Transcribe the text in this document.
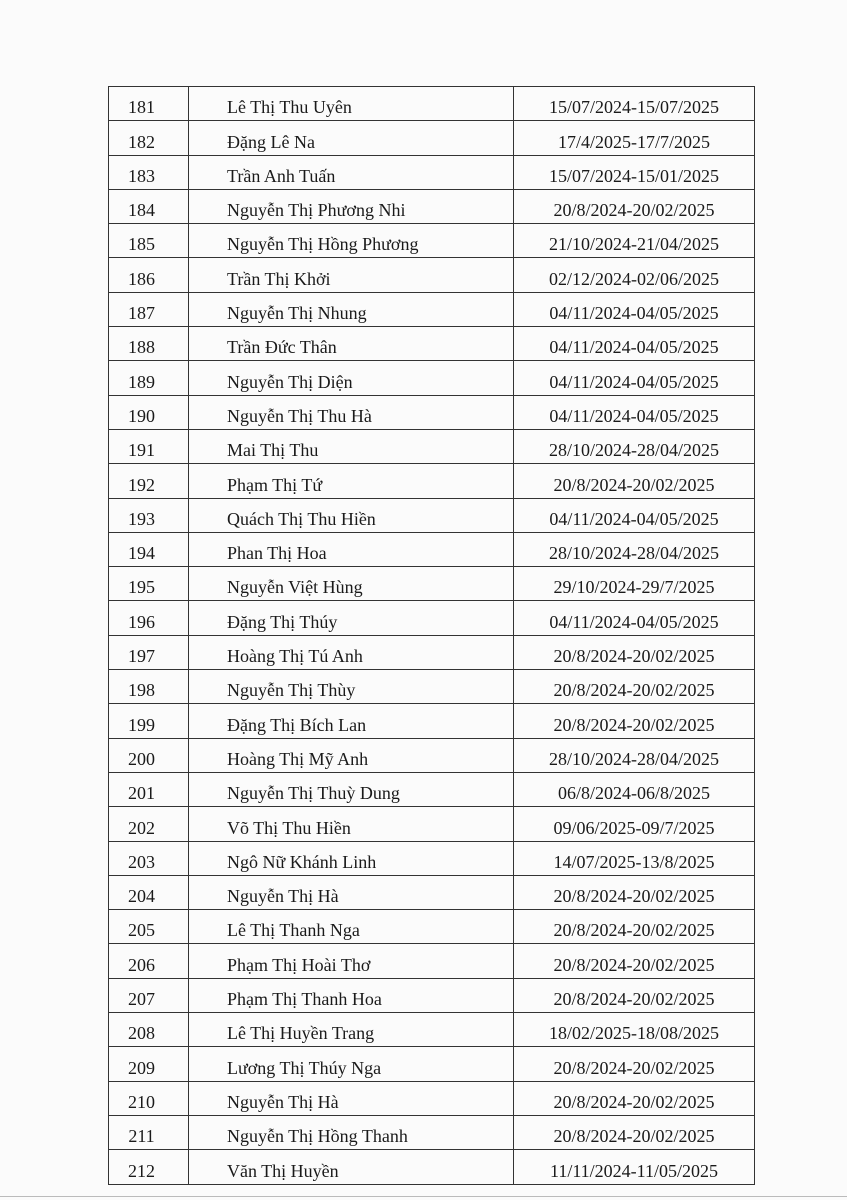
181	Lê Thị Thu Uyên	15/07/2024-15/07/2025
182	Đặng Lê Na	17/4/2025-17/7/2025
183	Trần Anh Tuấn	15/07/2024-15/01/2025
184	Nguyễn Thị Phương Nhi	20/8/2024-20/02/2025
185	Nguyễn Thị Hồng Phương	21/10/2024-21/04/2025
186	Trần Thị Khởi	02/12/2024-02/06/2025
187	Nguyễn Thị Nhung	04/11/2024-04/05/2025
188	Trần Đức Thân	04/11/2024-04/05/2025
189	Nguyễn Thị Diện	04/11/2024-04/05/2025
190	Nguyễn Thị Thu Hà	04/11/2024-04/05/2025
191	Mai Thị Thu	28/10/2024-28/04/2025
192	Phạm Thị Tứ	20/8/2024-20/02/2025
193	Quách Thị Thu Hiền	04/11/2024-04/05/2025
194	Phan Thị Hoa	28/10/2024-28/04/2025
195	Nguyễn Việt Hùng	29/10/2024-29/7/2025
196	Đặng Thị Thúy	04/11/2024-04/05/2025
197	Hoàng Thị Tú Anh	20/8/2024-20/02/2025
198	Nguyễn Thị Thùy	20/8/2024-20/02/2025
199	Đặng Thị Bích Lan	20/8/2024-20/02/2025
200	Hoàng Thị Mỹ Anh	28/10/2024-28/04/2025
201	Nguyễn Thị Thuỳ Dung	06/8/2024-06/8/2025
202	Võ Thị Thu Hiền	09/06/2025-09/7/2025
203	Ngô Nữ Khánh Linh	14/07/2025-13/8/2025
204	Nguyễn Thị Hà	20/8/2024-20/02/2025
205	Lê Thị Thanh Nga	20/8/2024-20/02/2025
206	Phạm Thị Hoài Thơ	20/8/2024-20/02/2025
207	Phạm Thị Thanh Hoa	20/8/2024-20/02/2025
208	Lê Thị Huyền Trang	18/02/2025-18/08/2025
209	Lương Thị Thúy Nga	20/8/2024-20/02/2025
210	Nguyễn Thị Hà	20/8/2024-20/02/2025
211	Nguyễn Thị Hồng Thanh	20/8/2024-20/02/2025
212	Văn Thị Huyền	11/11/2024-11/05/2025
